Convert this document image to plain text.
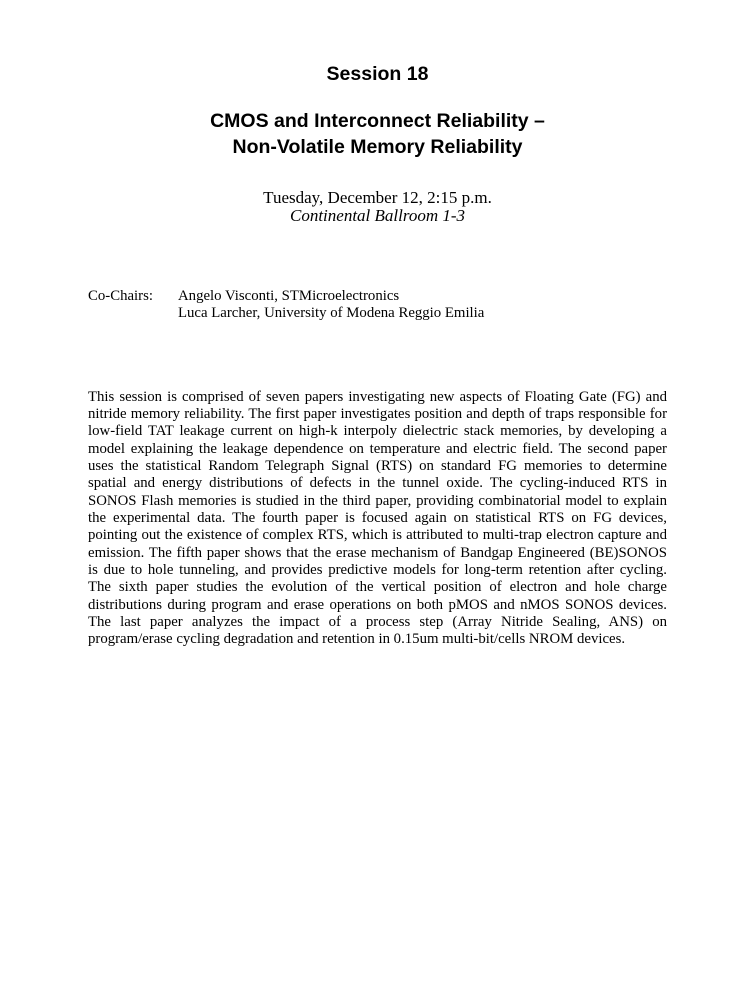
Session 18
CMOS and Interconnect Reliability –
Non-Volatile Memory Reliability
Tuesday, December 12, 2:15 p.m.
Continental Ballroom 1-3
Co-Chairs:	Angelo Visconti, STMicroelectronics
Luca Larcher, University of Modena Reggio Emilia

This session is comprised of seven papers investigating new aspects of Floating Gate (FG) and nitride memory reliability. The first paper investigates position and depth of traps responsible for low-field TAT leakage current on high-k interpoly dielectric stack memories, by developing a model explaining the leakage dependence on temperature and electric field. The second paper uses the statistical Random Telegraph Signal (RTS) on standard FG memories to determine spatial and energy distributions of defects in the tunnel oxide. The cycling-induced RTS in SONOS Flash memories is studied in the third paper, providing combinatorial model to explain the experimental data. The fourth paper is focused again on statistical RTS on FG devices, pointing out the existence of complex RTS, which is attributed to multi-trap electron capture and emission. The fifth paper shows that the erase mechanism of Bandgap Engineered (BE)SONOS is due to hole tunneling, and provides predictive models for long-term retention after cycling. The sixth paper studies the evolution of the vertical position of electron and hole charge distributions during program and erase operations on both pMOS and nMOS SONOS devices. The last paper analyzes the impact of a process step (Array Nitride Sealing, ANS) on program/erase cycling degradation and retention in 0.15um multi-bit/cells NROM devices.
